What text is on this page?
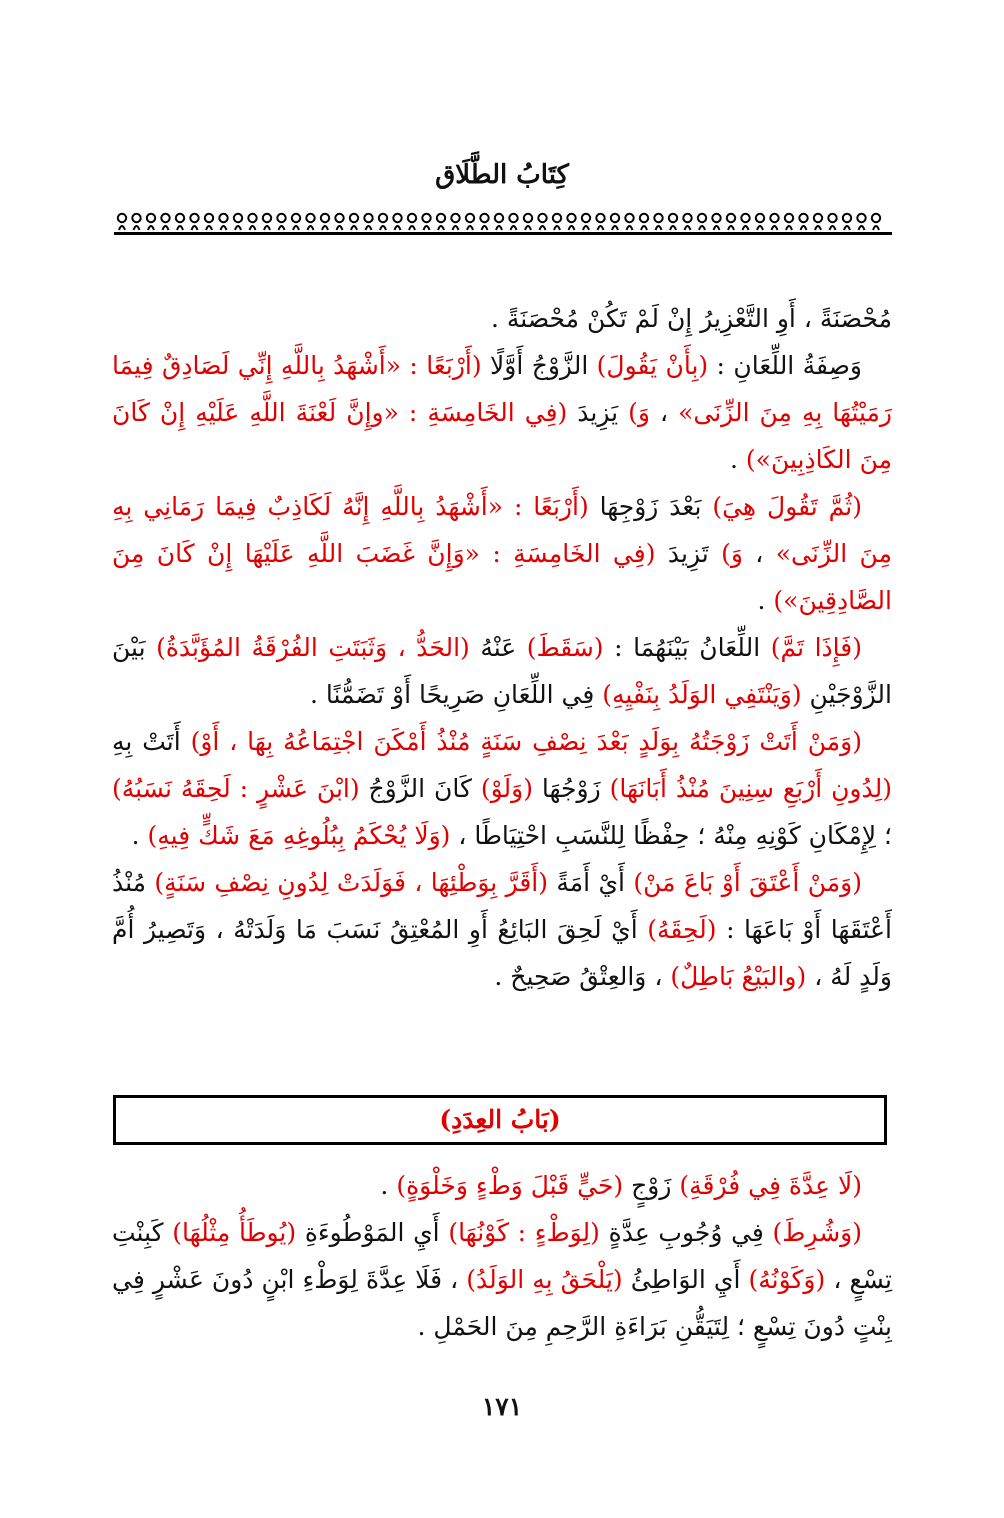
كِتَابُ الطَّلَاق

مُحْصَنَةً ، أَوِ التَّعْزِيرُ إِنْ لَمْ تَكُنْ مُحْصَنَةً .

وَصِفَةُ اللِّعَانِ : (بِأَنْ يَقُولَ) الزَّوْجُ أَوَّلًا (أَرْبَعًا : «أَشْهَدُ بِاللَّهِ إِنِّي لَصَادِقٌ فِيمَا رَمَيْتُهَا بِهِ مِنَ الزِّنَى» ، وَ) يَزِيدَ (فِي الخَامِسَةِ : «وإِنَّ لَعْنَةَ اللَّهِ عَلَيْهِ إِنْ كَانَ مِنَ الكَاذِبِينَ») .

(ثُمَّ تَقُولَ هِيَ) بَعْدَ زَوْجِهَا (أَرْبَعًا : «أَشْهَدُ بِاللَّهِ إِنَّهُ لَكَاذِبٌ فِيمَا رَمَانِي بِهِ مِنَ الزِّنَى» ، وَ) تَزِيدَ (فِي الخَامِسَةِ : «وَإِنَّ غَضَبَ اللَّهِ عَلَيْهَا إِنْ كَانَ مِنَ الصَّادِقِينَ») .

(فَإِذَا تَمَّ) اللِّعَانُ بَيْنَهُمَا : (سَقَطَ) عَنْهُ (الحَدُّ ، وَثَبَتَتِ الفُرْقَةُ المُؤَبَّدَةُ) بَيْنَ الزَّوْجَيْنِ (وَيَنْتَفِي الوَلَدُ بِنَفْيِهِ) فِي اللِّعَانِ صَرِيحًا أَوْ تَضَمُّنًا .

(وَمَنْ أَتَتْ زَوْجَتُهُ بِوَلَدٍ بَعْدَ نِصْفِ سَنَةٍ مُنْذُ أَمْكَنَ اجْتِمَاعُهُ بِهَا ، أَوْ) أَتَتْ بِهِ (لِدُونِ أَرْبَعِ سِنِينَ مُنْذُ أَبَانَهَا) زَوْجُهَا (وَلَوْ) كَانَ الزَّوْجُ (ابْنَ عَشْرٍ : لَحِقَهُ نَسَبُهُ) ؛ لِإِمْكَانِ كَوْنِهِ مِنْهُ ؛ حِفْظًا لِلنَّسَبِ احْتِيَاطًا ، (وَلَا يُحْكَمُ بِبُلُوغِهِ مَعَ شَكٍّ فِيهِ) .

(وَمَنْ أَعْتَقَ أَوْ بَاعَ مَنْ) أَيْ أَمَةً (أَقَرَّ بِوَطْئِهَا ، فَوَلَدَتْ لِدُونِ نِصْفِ سَنَةٍ) مُنْذُ أَعْتَقَهَا أَوْ بَاعَهَا : (لَحِقَهُ) أَيْ لَحِقَ البَائِعُ أَوِ المُعْتِقُ نَسَبَ مَا وَلَدَتْهُ ، وَتَصِيرُ أُمَّ وَلَدٍ لَهُ ، (والبَيْعُ بَاطِلٌ) ، وَالعِتْقُ صَحِيحٌ .

(بَابُ العِدَدِ)

(لَا عِدَّةَ فِي فُرْقَةِ) زَوْجٍ (حَيٍّ قَبْلَ وَطْءٍ وَخَلْوَةٍ) .

(وَشُرِطَ) فِي وُجُوبِ عِدَّةٍ (لِوَطْءٍ : كَوْنُهَا) أَيِ المَوْطُوءَةِ (يُوطَأُ مِثْلُهَا) كَبِنْتِ تِسْعٍ ، (وَكَوْنُهُ) أَيِ الوَاطِئُ (يَلْحَقُ بِهِ الوَلَدُ) ، فَلَا عِدَّةَ لِوَطْءِ ابْنٍ دُونَ عَشْرٍ فِي بِنْتٍ دُونَ تِسْعٍ ؛ لِتَيَقُّنِ بَرَاءَةِ الرَّحِمِ مِنَ الحَمْلِ .

١٧١
